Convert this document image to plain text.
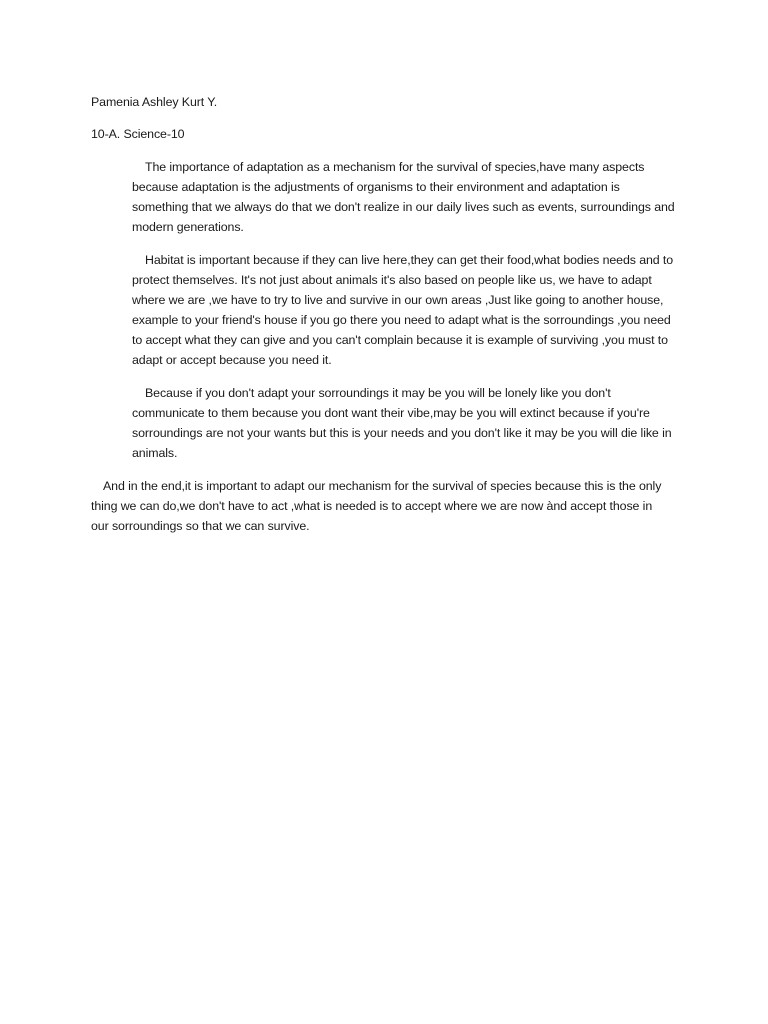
Pamenia Ashley Kurt Y.
10-A. Science-10

The importance of adaptation as a mechanism for the survival of species,have many aspects because adaptation is the adjustments of organisms to their environment and adaptation is something that we always do that we don't realize in our daily lives such as events, surroundings and modern generations.

Habitat is important because if they can live here,they can get their food,what bodies needs and to protect themselves. It's not just about animals it's also based on people like us, we have to adapt where we are ,we have to try to live and survive in our own areas ,Just like going to another house, example to your friend's house if you go there you need to adapt what is the sorroundings ,you need to accept what they can give and you can't complain because it is example of surviving ,you must to adapt or accept because you need it.

Because if you don't adapt your sorroundings it may be you will be lonely like you don't communicate to them because you dont want their vibe,may be you will extinct because if you're sorroundings are not your wants but this is your needs and you don't like it may be you will die like in animals.

And in the end,it is important to adapt our mechanism for the survival of species because this is the only thing we can do,we don't have to act ,what is needed is to accept where we are now ànd accept those in our sorroundings so that we can survive.
